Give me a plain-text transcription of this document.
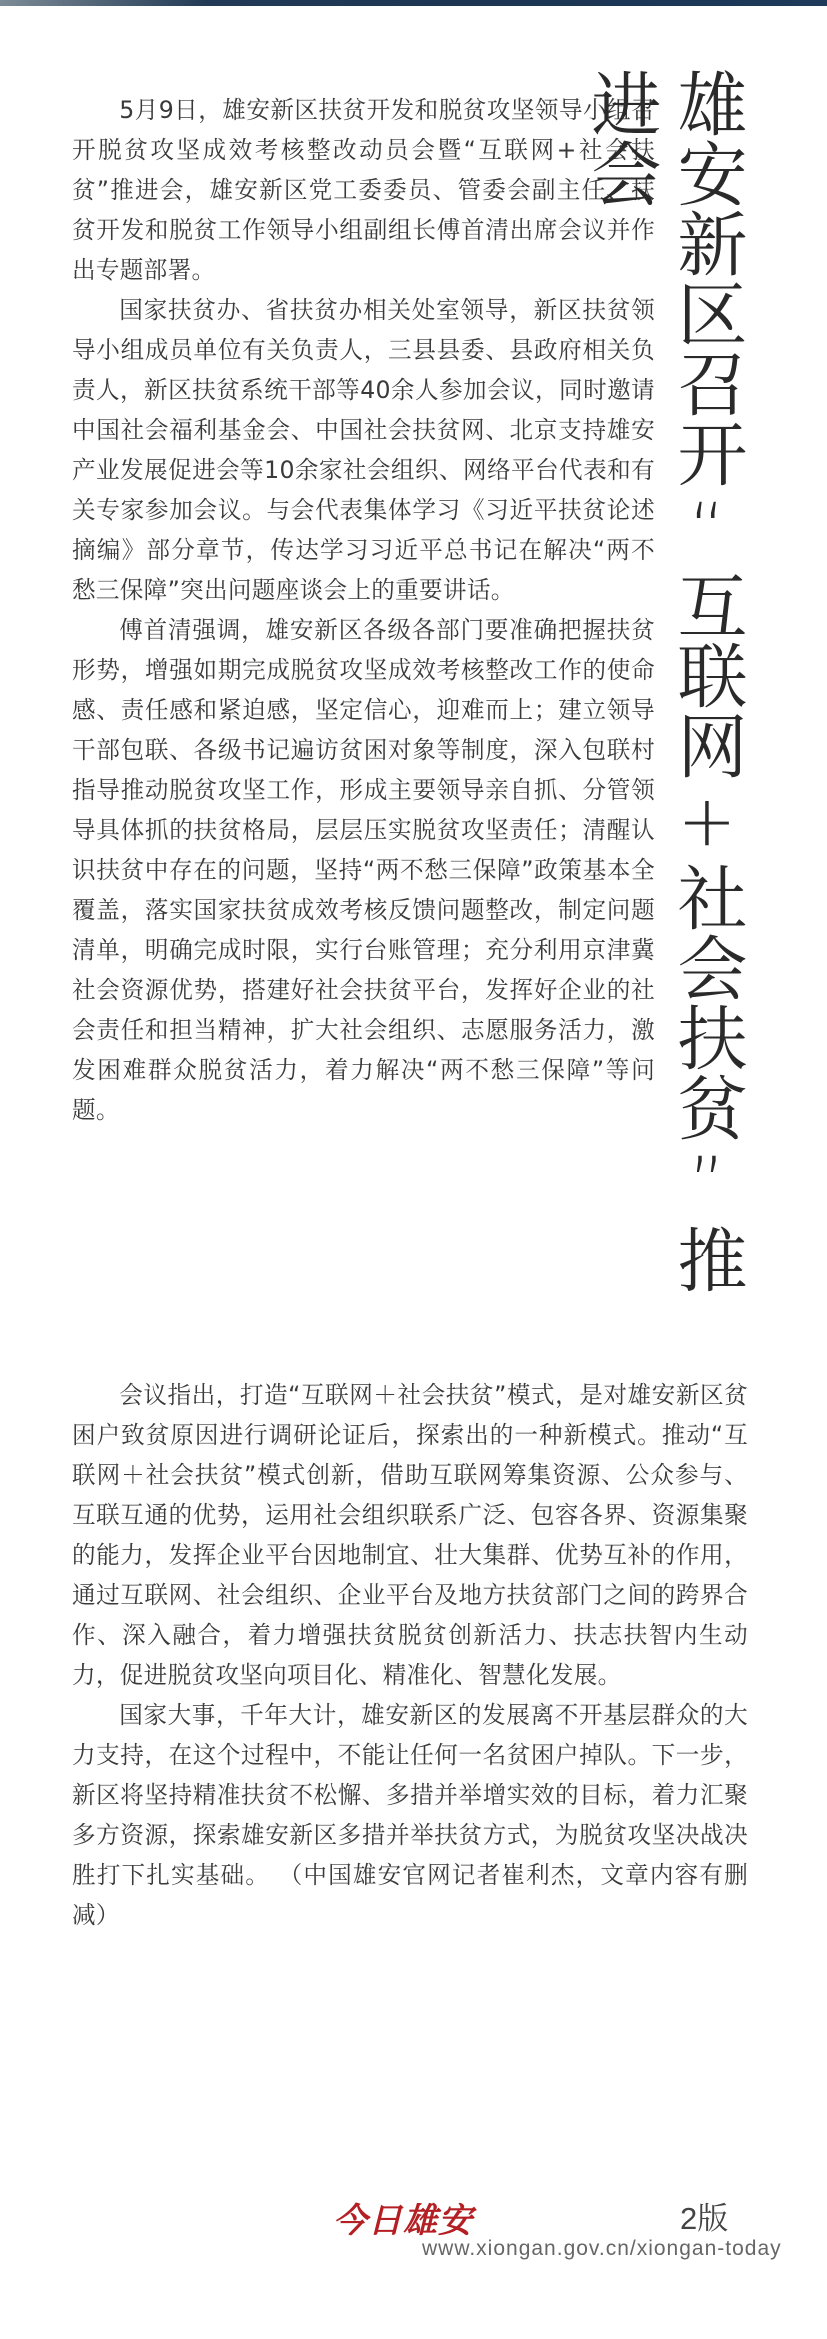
5月9日，雄安新区扶贫开发和脱贫攻坚领导小组召开脱贫攻坚成效考核整改动员会暨“互联网+社会扶贫”推进会，雄安新区党工委委员、管委会副主任、扶贫开发和脱贫工作领导小组副组长傅首清出席会议并作出专题部署。

国家扶贫办、省扶贫办相关处室领导，新区扶贫领导小组成员单位有关负责人，三县县委、县政府相关负责人，新区扶贫系统干部等40余人参加会议，同时邀请中国社会福利基金会、中国社会扶贫网、北京支持雄安产业发展促进会等10余家社会组织、网络平台代表和有关专家参加会议。与会代表集体学习《习近平扶贫论述摘编》部分章节，传达学习习近平总书记在解决“两不愁三保障”突出问题座谈会上的重要讲话。

傅首清强调，雄安新区各级各部门要准确把握扶贫形势，增强如期完成脱贫攻坚成效考核整改工作的使命感、责任感和紧迫感，坚定信心，迎难而上；建立领导干部包联、各级书记遍访贫困对象等制度，深入包联村指导推动脱贫攻坚工作，形成主要领导亲自抓、分管领导具体抓的扶贫格局，层层压实脱贫攻坚责任；清醒认识扶贫中存在的问题，坚持“两不愁三保障”政策基本全覆盖，落实国家扶贫成效考核反馈问题整改，制定问题清单，明确完成时限，实行台账管理；充分利用京津冀社会资源优势，搭建好社会扶贫平台，发挥好企业的社会责任和担当精神，扩大社会组织、志愿服务活力，激发困难群众脱贫活力，着力解决“两不愁三保障”等问题。	雄安新区召开“互联网+社会扶贫”推进会

会议指出，打造“互联网＋社会扶贫”模式，是对雄安新区贫困户致贫原因进行调研论证后，探索出的一种新模式。推动“互联网＋社会扶贫”模式创新，借助互联网筹集资源、公众参与、互联互通的优势，运用社会组织联系广泛、包容各界、资源集聚的能力，发挥企业平台因地制宜、壮大集群、优势互补的作用，通过互联网、社会组织、企业平台及地方扶贫部门之间的跨界合作、深入融合，着力增强扶贫脱贫创新活力、扶志扶智内生动力，促进脱贫攻坚向项目化、精准化、智慧化发展。

国家大事，千年大计，雄安新区的发展离不开基层群众的大力支持，在这个过程中，不能让任何一名贫困户掉队。下一步，新区将坚持精准扶贫不松懈、多措并举增实效的目标，着力汇聚多方资源，探索雄安新区多措并举扶贫方式，为脱贫攻坚决战决胜打下扎实基础。 （中国雄安官网记者崔利杰，文章内容有删减）

今日雄安	2版
www.xiongan.gov.cn/xiongan-today
